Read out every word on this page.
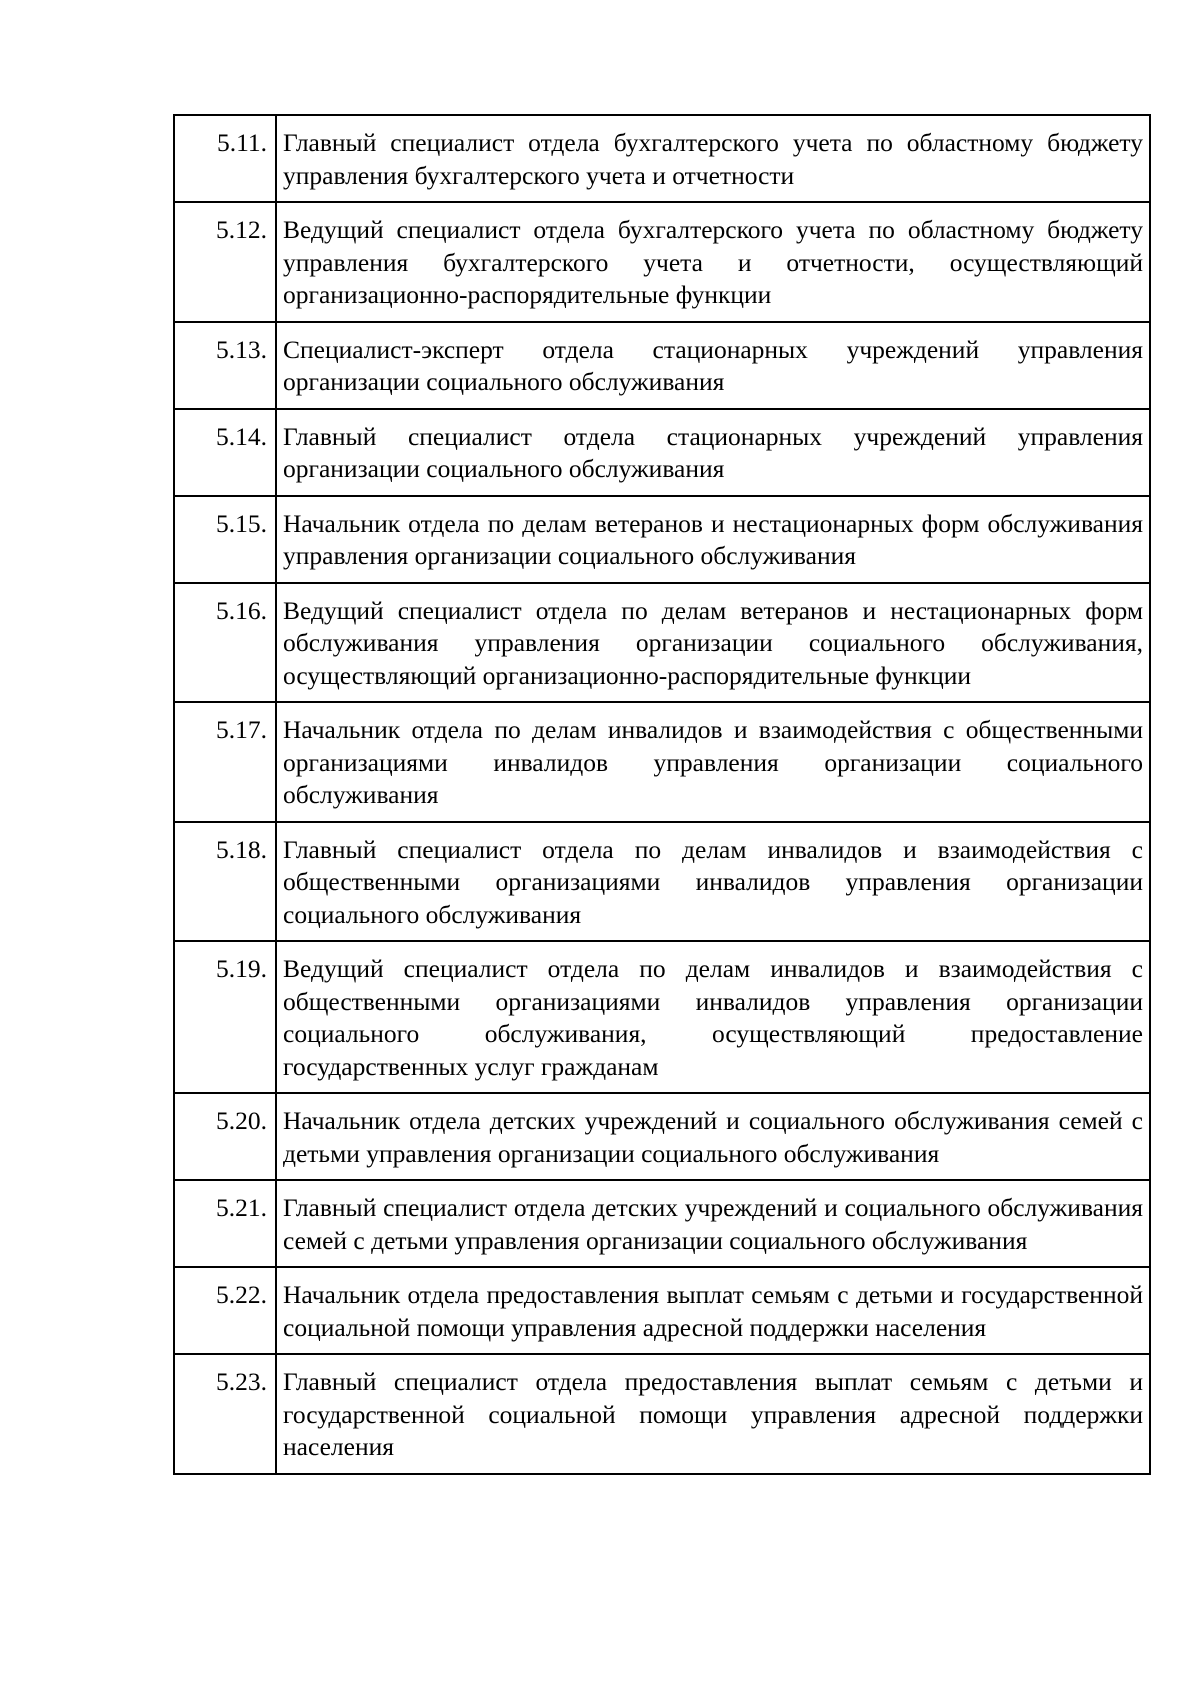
5.11.	Главный специалист отдела бухгалтерского учета по областному бюджету управления бухгалтерского учета и отчетности
5.12.	Ведущий специалист отдела бухгалтерского учета по областному бюджету управления бухгалтерского учета и отчетности, осуществляющий организационно-распорядительные функции
5.13.	Специалист-эксперт отдела стационарных учреждений управления организации социального обслуживания
5.14.	Главный специалист отдела стационарных учреждений управления организации социального обслуживания
5.15.	Начальник отдела по делам ветеранов и нестационарных форм обслуживания управления организации социального обслуживания
5.16.	Ведущий специалист отдела по делам ветеранов и нестационарных форм обслуживания управления организации социального обслуживания, осуществляющий организационно-распорядительные функции
5.17.	Начальник отдела по делам инвалидов и взаимодействия с общественными организациями инвалидов управления организации социального обслуживания
5.18.	Главный специалист отдела по делам инвалидов и взаимодействия с общественными организациями инвалидов управления организации социального обслуживания
5.19.	Ведущий специалист отдела по делам инвалидов и взаимодействия с общественными организациями инвалидов управления организации социального обслуживания, осуществляющий предоставление государственных услуг гражданам
5.20.	Начальник отдела детских учреждений и социального обслуживания семей с детьми управления организации социального обслуживания
5.21.	Главный специалист отдела детских учреждений и социального обслуживания семей с детьми управления организации социального обслуживания
5.22.	Начальник отдела предоставления выплат семьям с детьми и государственной социальной помощи управления адресной поддержки населения
5.23.	Главный специалист отдела предоставления выплат семьям с детьми и государственной социальной помощи управления адресной поддержки населения
